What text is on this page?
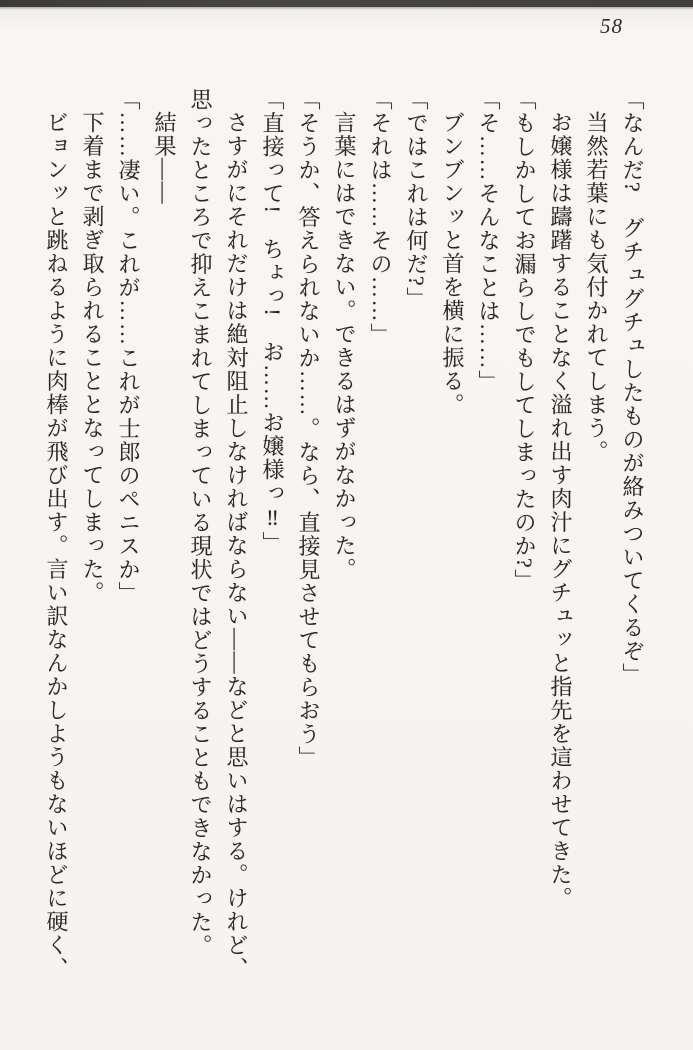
58
「なんだ?　グチュグチュしたものが絡みついてくるぞ」
当然若葉にも気付かれてしまう。
お嬢様は躊躇することなく溢れ出す肉汁にグチュッと指先を這わせてきた。
「もしかしてお漏らしでもしてしまったのか?」
「そ……そんなことは……」
ブンブンッと首を横に振る。
「ではこれは何だ?」
「それは……その……」
言葉にはできない。できるはずがなかった。
「そうか、答えられないか……。なら、直接見させてもらおう」
「直接って!　ちょっ!　お……お嬢様っ‼」
さすがにそれだけは絶対阻止しなければならない――などと思いはする。けれど、
思ったところで抑えこまれてしまっている現状ではどうすることもできなかった。
結果――
「……凄い。これが……これが士郎のペニスか」
下着まで剥ぎ取られることとなってしまった。
ビョンッと跳ねるように肉棒が飛び出す。言い訳なんかしようもないほどに硬く、
